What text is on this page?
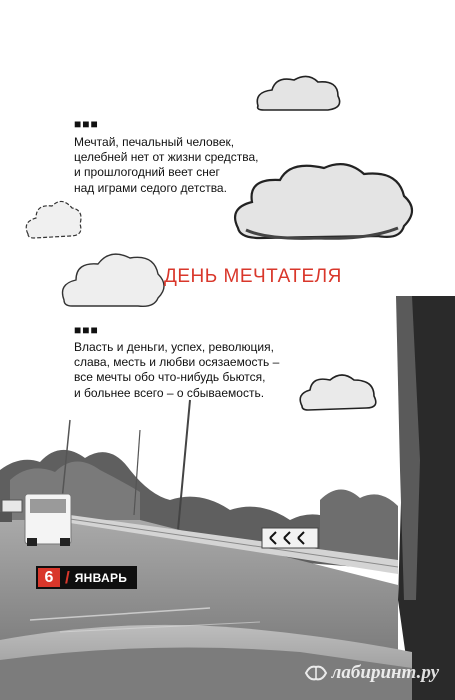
■■■
Мечтай, печальный человек,
целебней нет от жизни средства,
и прошлогодний веет снег
над играми седого детства.
ДЕНЬ МЕЧТАТЕЛЯ
■■■
Власть и деньги, успех, революция,
слава, месть и любви осязаемость –
все мечты обо что-нибудь бьются,
и больнее всего – о сбываемость.
6 / ЯНВАРЬ
лабиринт.ру
